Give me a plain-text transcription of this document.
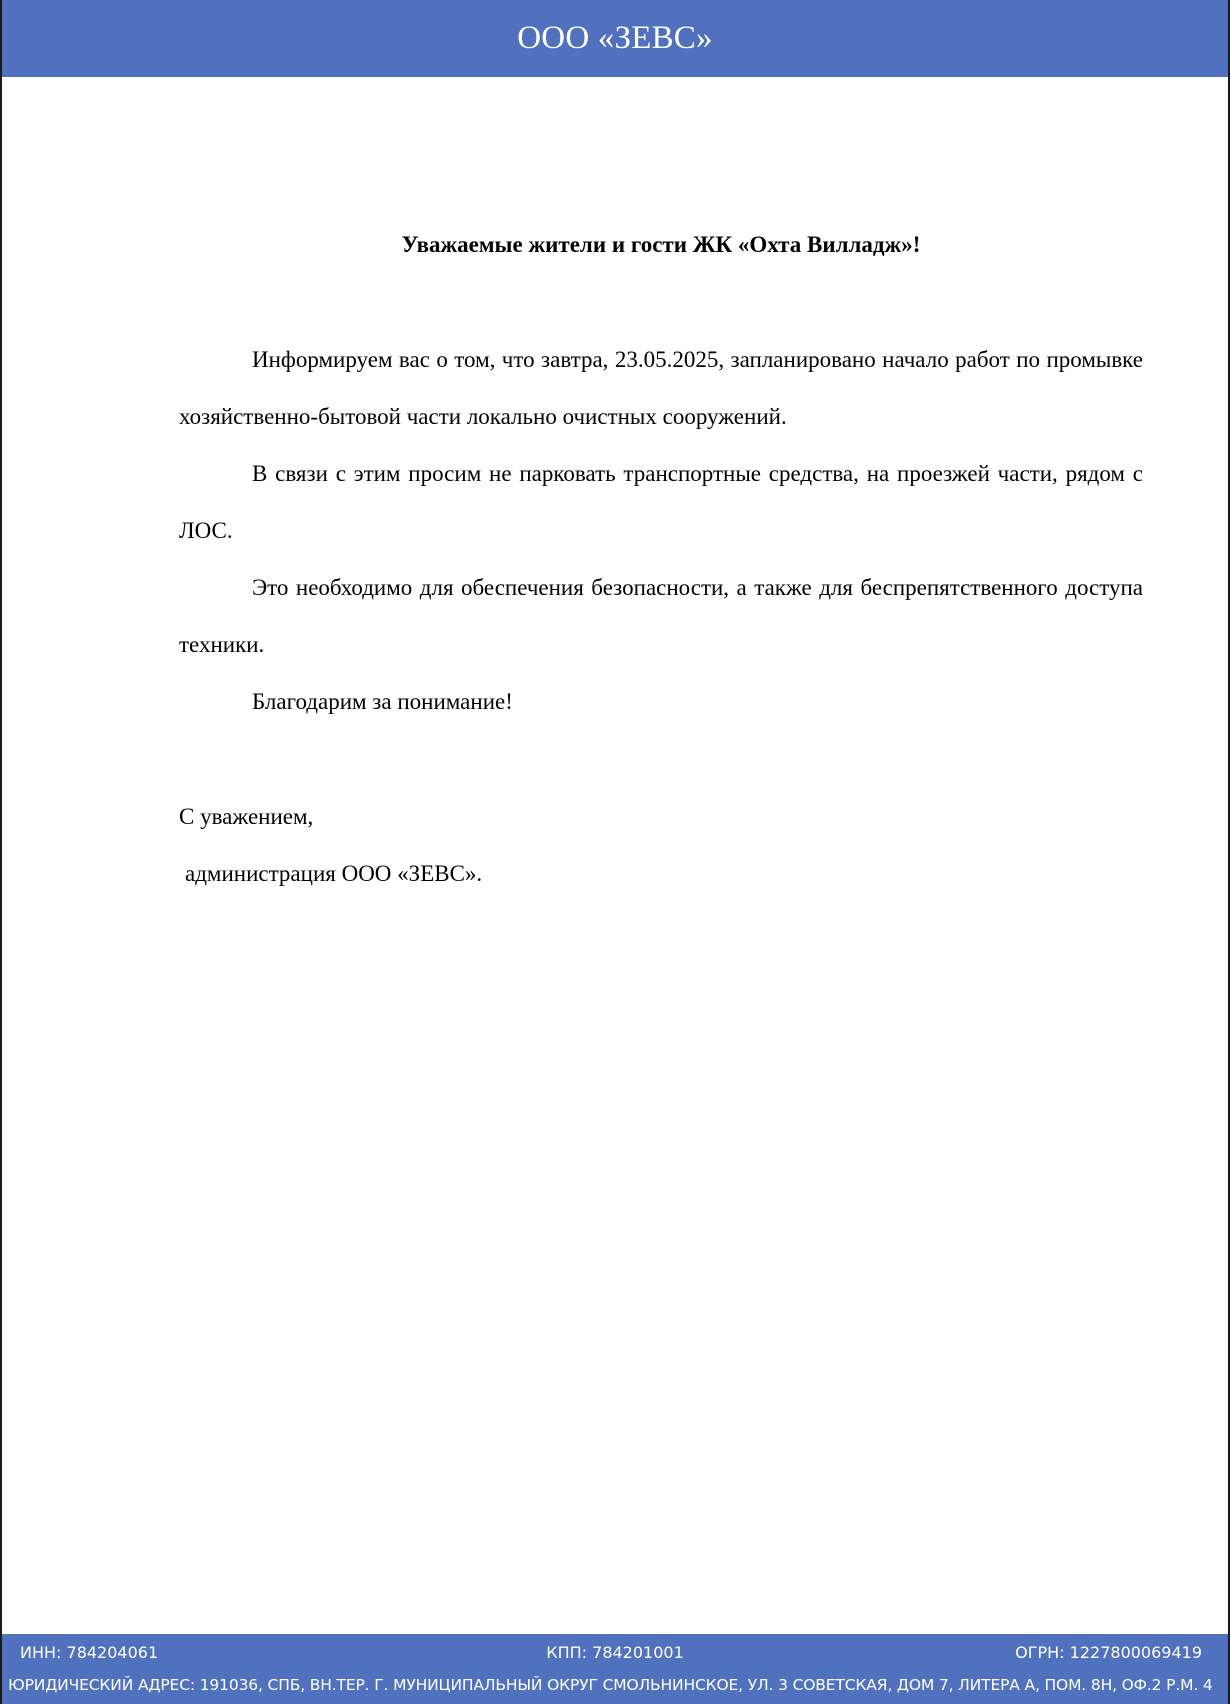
ООО «ЗЕВС»
Уважаемые жители и гости ЖК «Охта Вилладж»!

Информируем вас о том, что завтра, 23.05.2025, запланировано начало работ по промывке хозяйственно-бытовой части локально очистных сооружений.

В связи с этим просим не парковать транспортные средства, на проезжей части, рядом с ЛОС.

Это необходимо для обеспечения безопасности, а также для беспрепятственного доступа техники.

Благодарим за понимание!

С уважением,

администрация ООО «ЗЕВС».

ИНН: 784204061	КПП: 784201001	ОГРН: 1227800069419
ЮРИДИЧЕСКИЙ АДРЕС: 191036, СПБ, ВН.ТЕР. Г. МУНИЦИПАЛЬНЫЙ ОКРУГ СМОЛЬНИНСКОЕ, УЛ. 3 СОВЕТСКАЯ, ДОМ 7, ЛИТЕРА А, ПОМ. 8Н, ОФ.2 Р.М. 4
